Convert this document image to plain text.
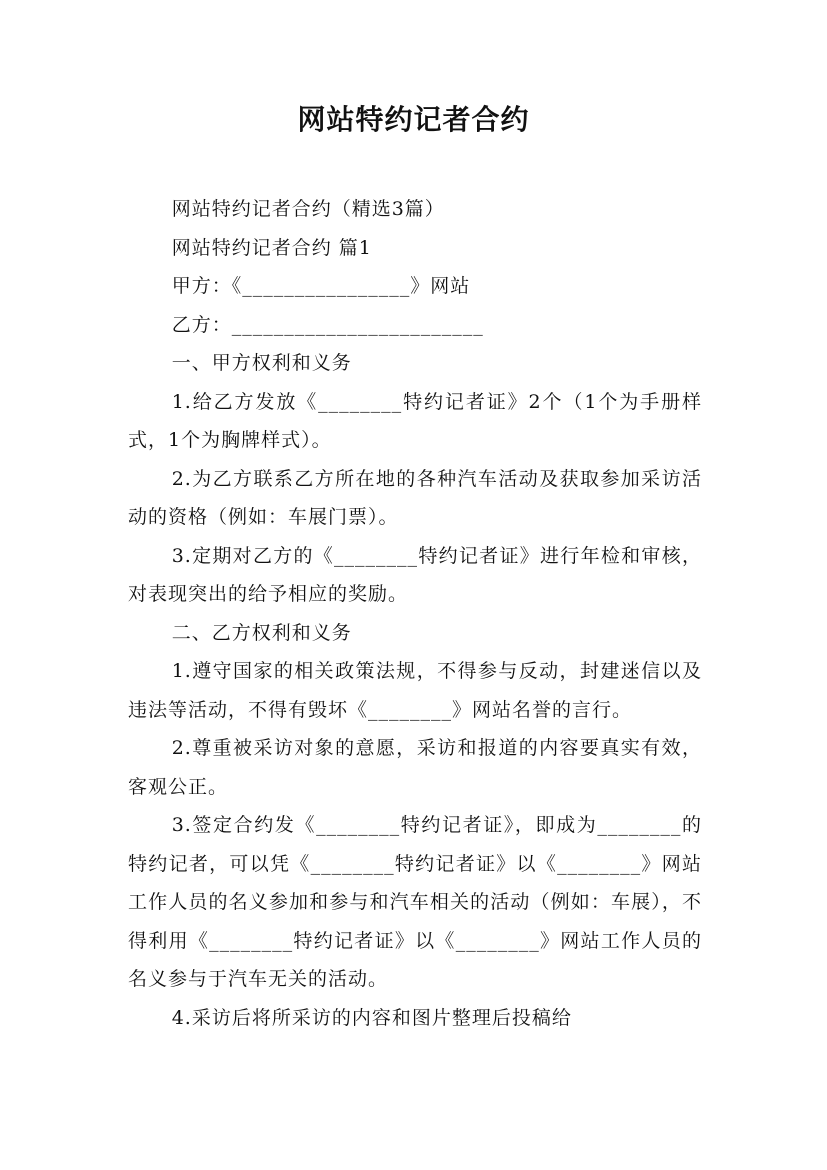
网站特约记者合约

网站特约记者合约（精选3篇）

网站特约记者合约 篇1

甲方：《________________》网站

乙方：________________________

一、甲方权利和义务

1.给乙方发放《________特约记者证》2个（1个为手册样式，1个为胸牌样式）。

2.为乙方联系乙方所在地的各种汽车活动及获取参加采访活动的资格（例如：车展门票）。

3.定期对乙方的《________特约记者证》进行年检和审核，对表现突出的给予相应的奖励。

二、乙方权利和义务

1.遵守国家的相关政策法规，不得参与反动，封建迷信以及违法等活动，不得有毁坏《________》网站名誉的言行。

2.尊重被采访对象的意愿，采访和报道的内容要真实有效，客观公正。

3.签定合约发《________特约记者证》，即成为________的特约记者，可以凭《________特约记者证》以《________》网站工作人员的名义参加和参与和汽车相关的活动（例如：车展），不得利用《________特约记者证》以《________》网站工作人员的名义参与于汽车无关的活动。

4.采访后将所采访的内容和图片整理后投稿给
